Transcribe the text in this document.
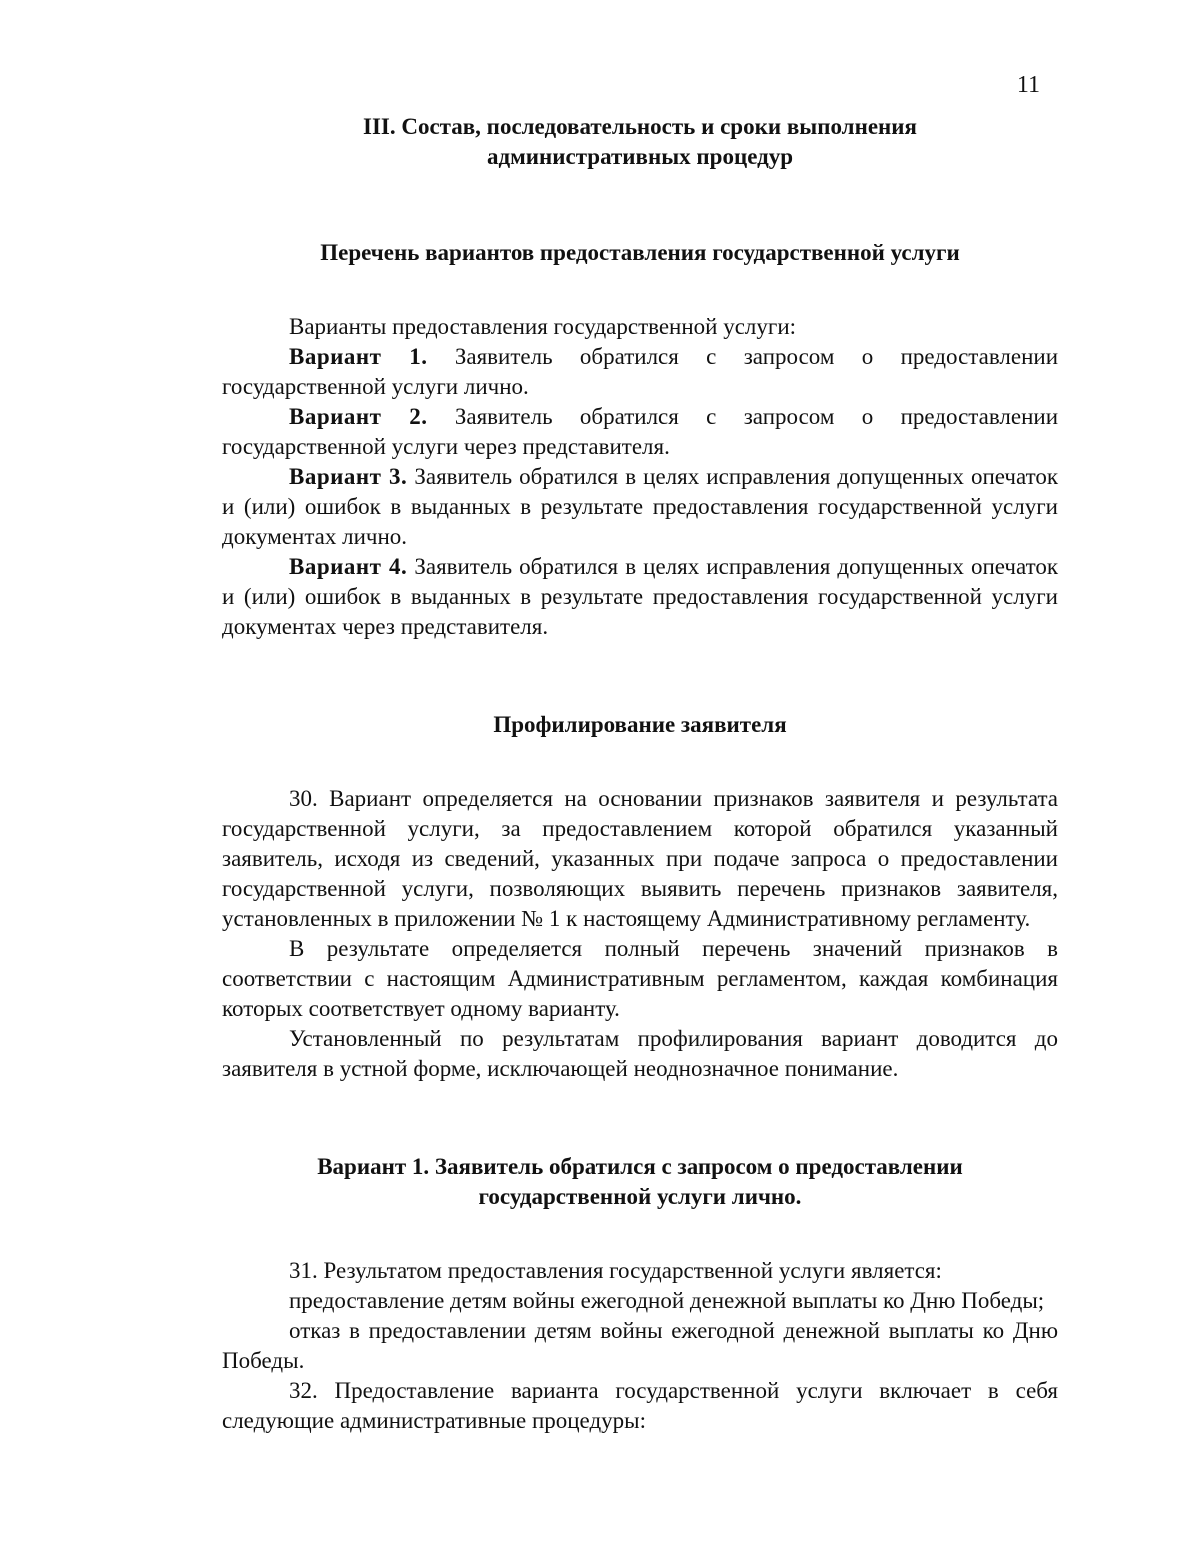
11
III. Состав, последовательность и сроки выполнения
административных процедур
Перечень вариантов предоставления государственной услуги

Варианты предоставления государственной услуги:

Вариант 1. Заявитель обратился с запросом о предоставлении государственной услуги лично.

Вариант 2. Заявитель обратился с запросом о предоставлении государственной услуги через представителя.

Вариант 3. Заявитель обратился в целях исправления допущенных опечаток и (или) ошибок в выданных в результате предоставления государственной услуги документах лично.

Вариант 4. Заявитель обратился в целях исправления допущенных опечаток и (или) ошибок в выданных в результате предоставления государственной услуги документах через представителя.

Профилирование заявителя

30. Вариант определяется на основании признаков заявителя и результата государственной услуги, за предоставлением которой обратился указанный заявитель, исходя из сведений, указанных при подаче запроса о предоставлении государственной услуги, позволяющих выявить перечень признаков заявителя, установленных в приложении № 1 к настоящему Административному регламенту.

В результате определяется полный перечень значений признаков в соответствии с настоящим Административным регламентом, каждая комбинация которых соответствует одному варианту.

Установленный по результатам профилирования вариант доводится до заявителя в устной форме, исключающей неоднозначное понимание.

Вариант 1. Заявитель обратился с запросом о предоставлении
государственной услуги лично.

31. Результатом предоставления государственной услуги является:

предоставление детям войны ежегодной денежной выплаты ко Дню Победы;

отказ в предоставлении детям войны ежегодной денежной выплаты ко Дню Победы.

32. Предоставление варианта государственной услуги включает в себя следующие административные процедуры:
